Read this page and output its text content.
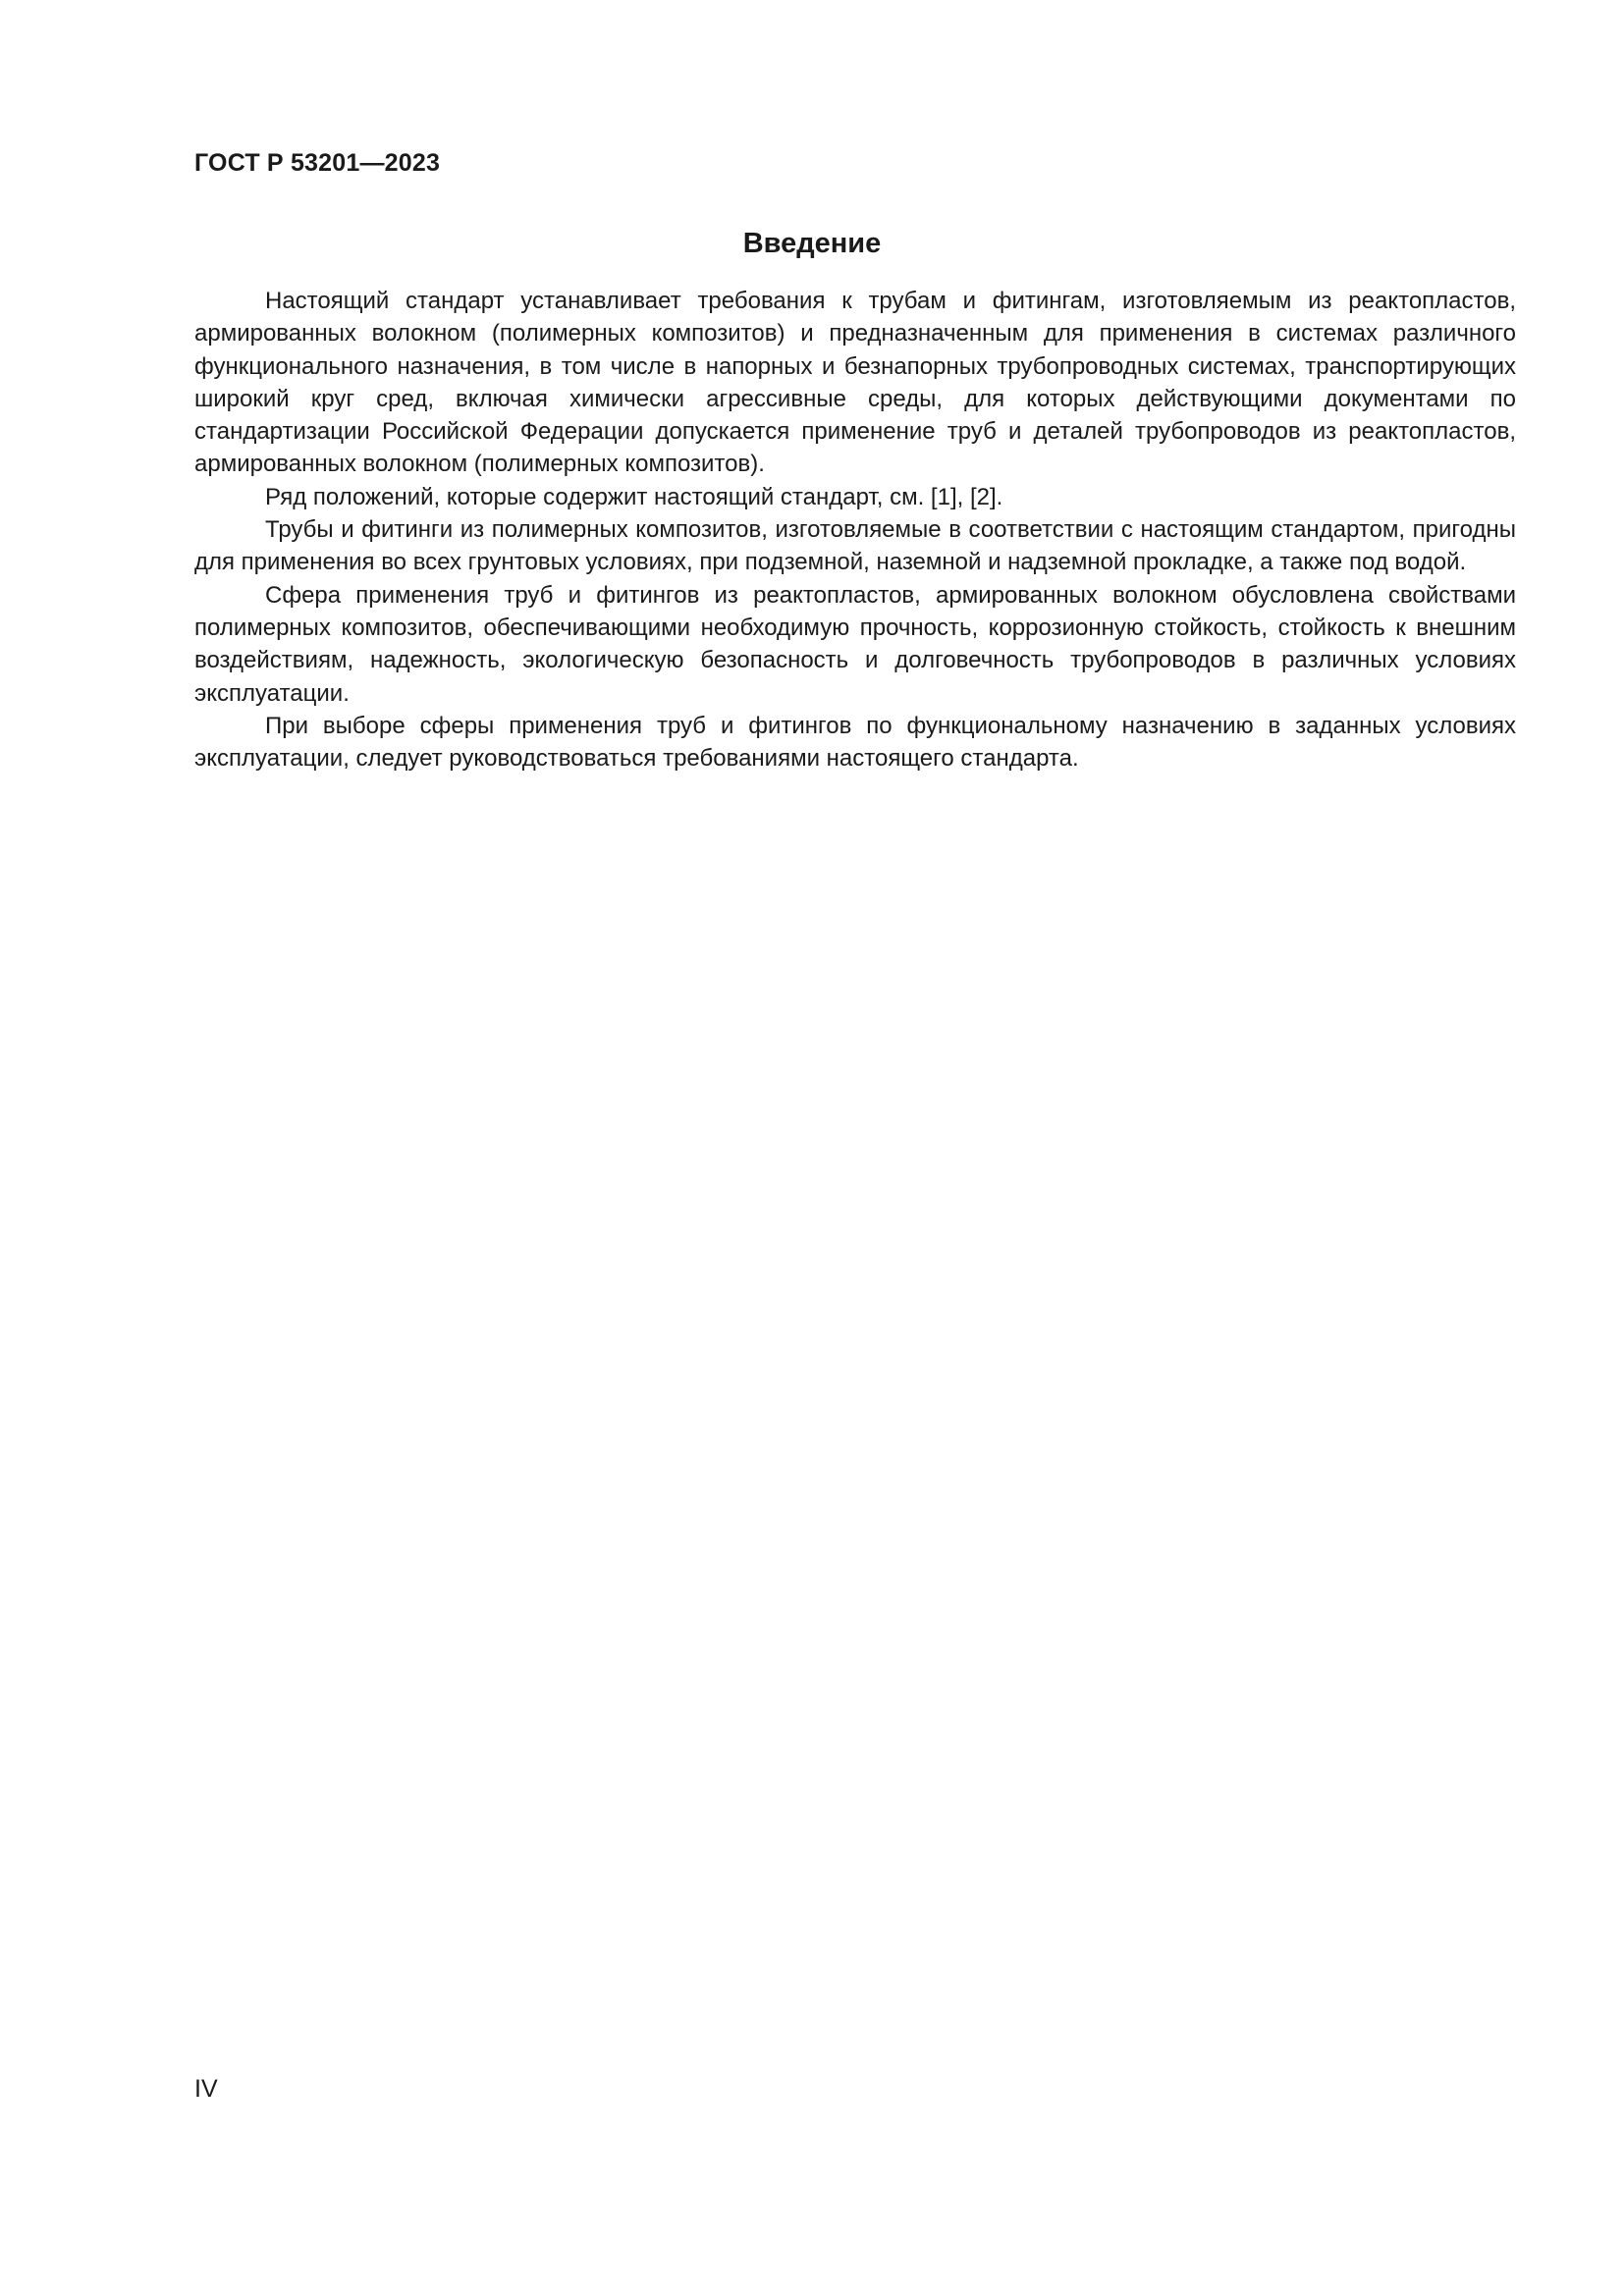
ГОСТ Р 53201—2023
Введение

Настоящий стандарт устанавливает требования к трубам и фитингам, изготовляемым из реактопластов, армированных волокном (полимерных композитов) и предназначенным для применения в системах различного функционального назначения, в том числе в напорных и безнапорных трубопроводных системах, транспортирующих широкий круг сред, включая химически агрессивные среды, для которых действующими документами по стандартизации Российской Федерации допускается применение труб и деталей трубопроводов из реактопластов, армированных волокном (полимерных композитов).

Ряд положений, которые содержит настоящий стандарт, см. [1], [2].

Трубы и фитинги из полимерных композитов, изготовляемые в соответствии с настоящим стандартом, пригодны для применения во всех грунтовых условиях, при подземной, наземной и надземной прокладке, а также под водой.

Сфера применения труб и фитингов из реактопластов, армированных волокном обусловлена свойствами полимерных композитов, обеспечивающими необходимую прочность, коррозионную стойкость, стойкость к внешним воздействиям, надежность, экологическую безопасность и долговечность трубопроводов в различных условиях эксплуатации.

При выборе сферы применения труб и фитингов по функциональному назначению в заданных условиях эксплуатации, следует руководствоваться требованиями настоящего стандарта.

IV
